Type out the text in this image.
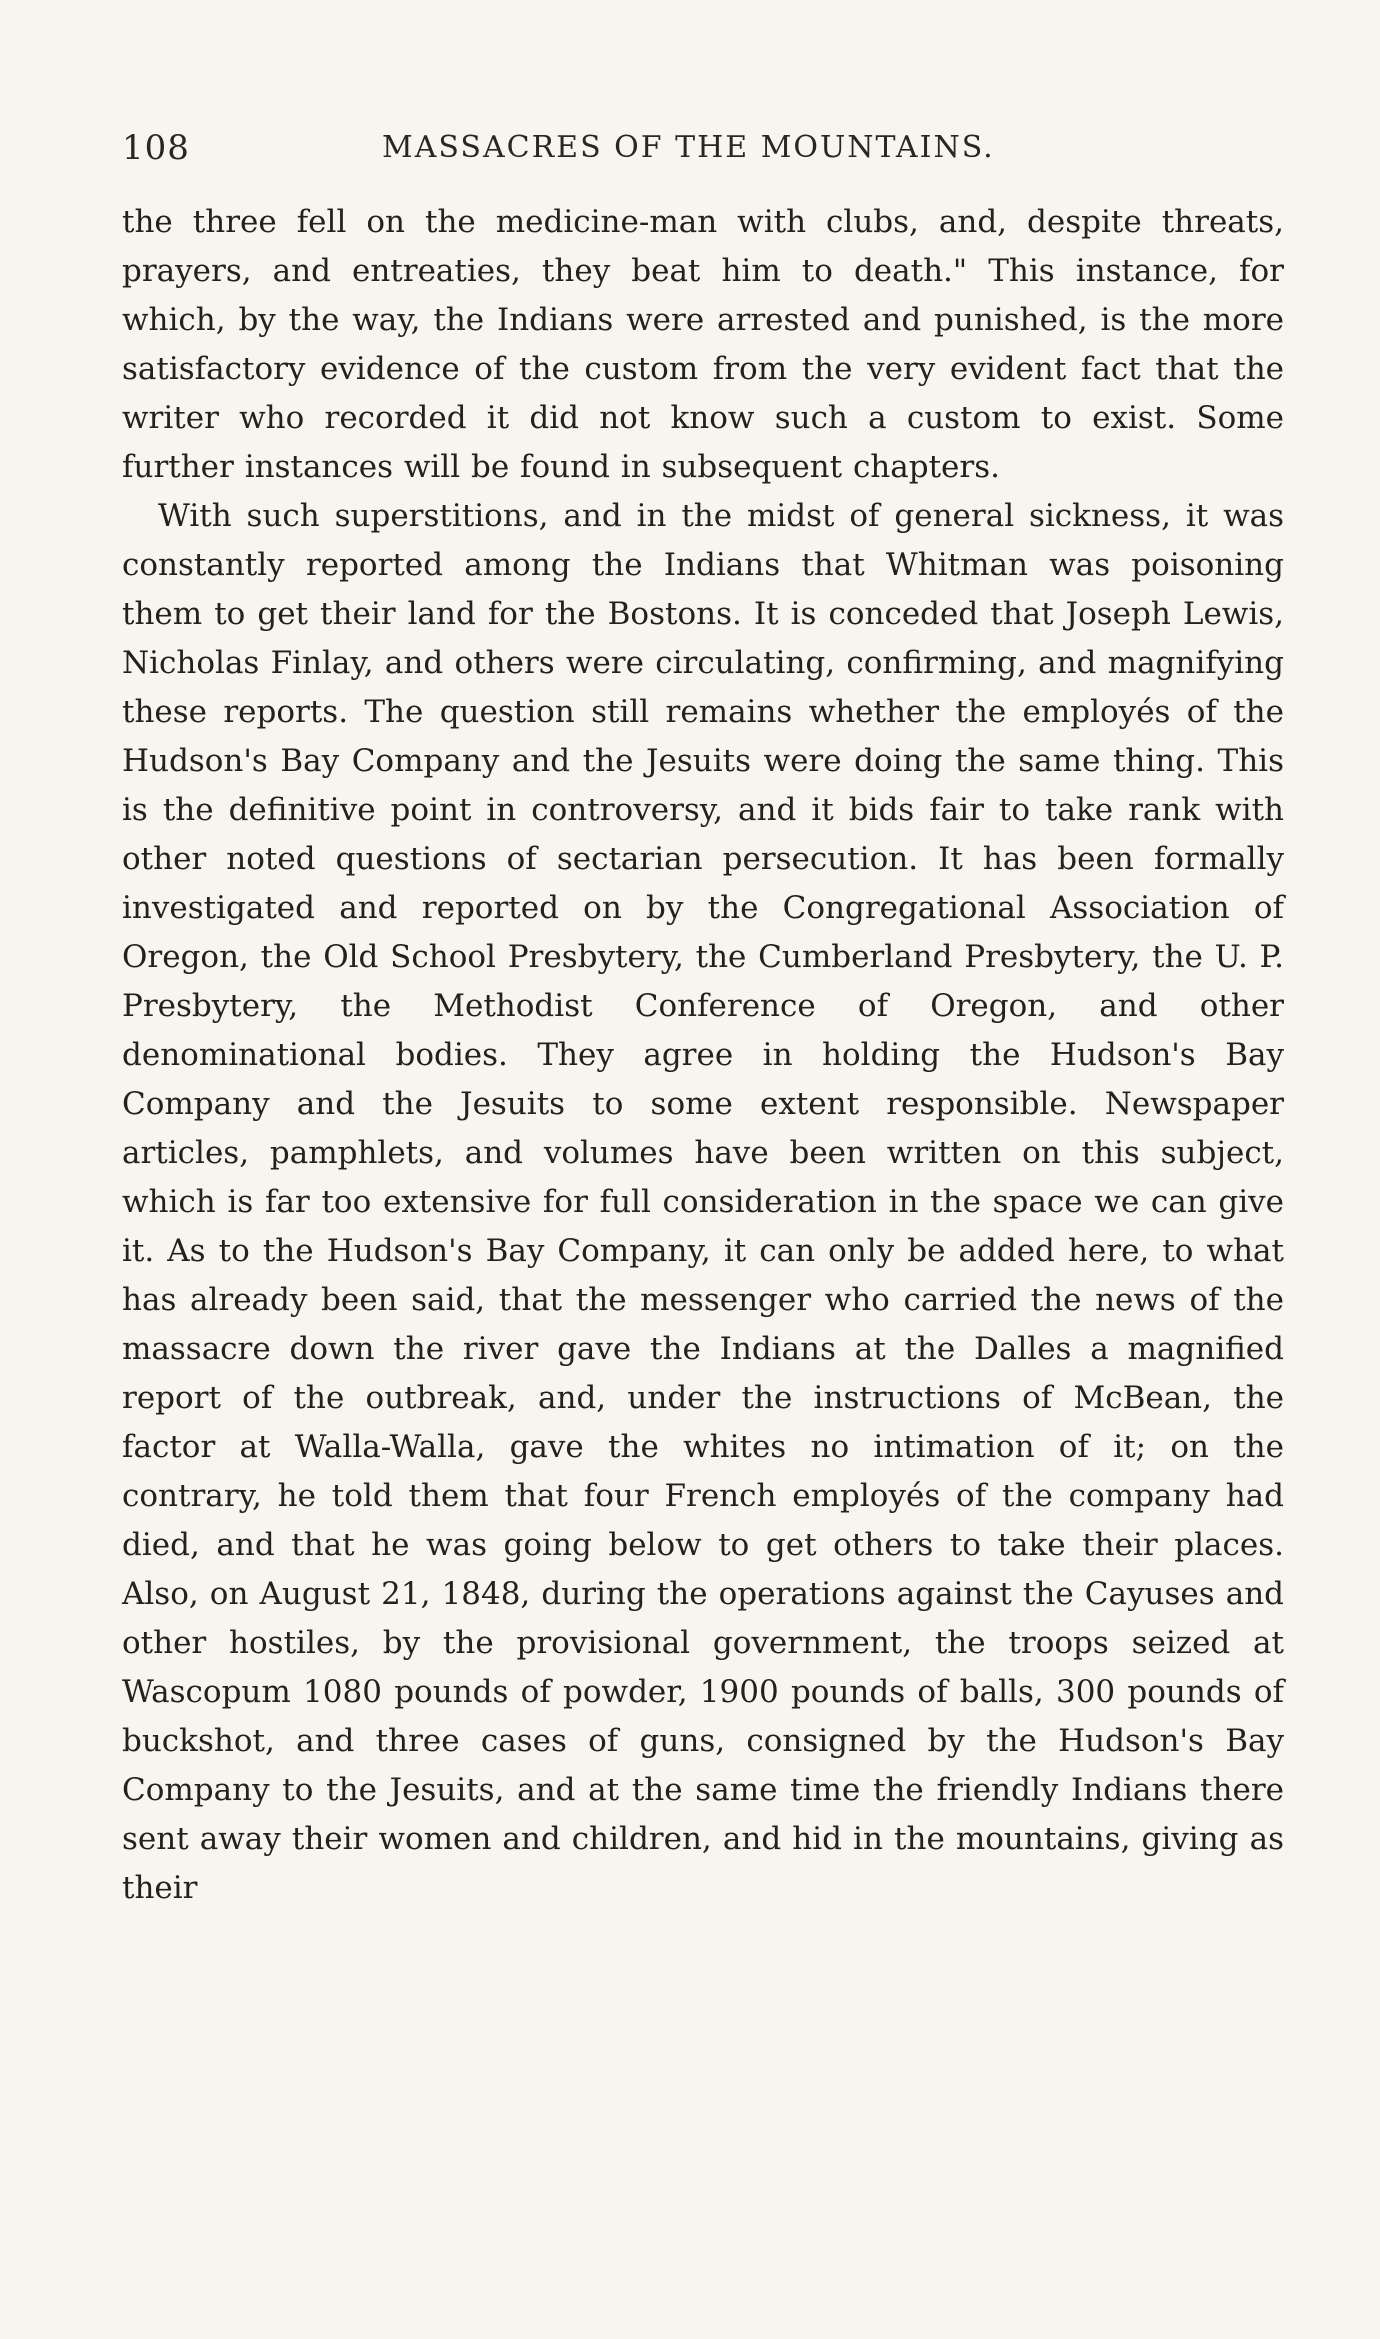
108	MASSACRES OF THE MOUNTAINS.

the three fell on the medicine-man with clubs, and, despite threats, prayers, and entreaties, they beat him to death." This instance, for which, by the way, the Indians were arrested and punished, is the more satisfactory evidence of the custom from the very evident fact that the writer who recorded it did not know such a custom to exist. Some further instances will be found in subsequent chapters.

With such superstitions, and in the midst of general sickness, it was constantly reported among the Indians that Whitman was poisoning them to get their land for the Bostons. It is conceded that Joseph Lewis, Nicholas Finlay, and others were circulating, confirming, and magnifying these reports. The question still remains whether the employés of the Hudson's Bay Company and the Jesuits were doing the same thing. This is the definitive point in controversy, and it bids fair to take rank with other noted questions of sectarian persecution. It has been formally investigated and reported on by the Congregational Association of Oregon, the Old School Presbytery, the Cumberland Presbytery, the U. P. Presbytery, the Methodist Conference of Oregon, and other denominational bodies. They agree in holding the Hudson's Bay Company and the Jesuits to some extent responsible. Newspaper articles, pamphlets, and volumes have been written on this subject, which is far too extensive for full consideration in the space we can give it. As to the Hudson's Bay Company, it can only be added here, to what has already been said, that the messenger who carried the news of the massacre down the river gave the Indians at the Dalles a magnified report of the outbreak, and, under the instructions of McBean, the factor at Walla-Walla, gave the whites no intimation of it; on the contrary, he told them that four French employés of the company had died, and that he was going below to get others to take their places. Also, on August 21, 1848, during the operations against the Cayuses and other hostiles, by the provisional government, the troops seized at Wascopum 1080 pounds of powder, 1900 pounds of balls, 300 pounds of buckshot, and three cases of guns, consigned by the Hudson's Bay Company to the Jesuits, and at the same time the friendly Indians there sent away their women and children, and hid in the mountains, giving as their
